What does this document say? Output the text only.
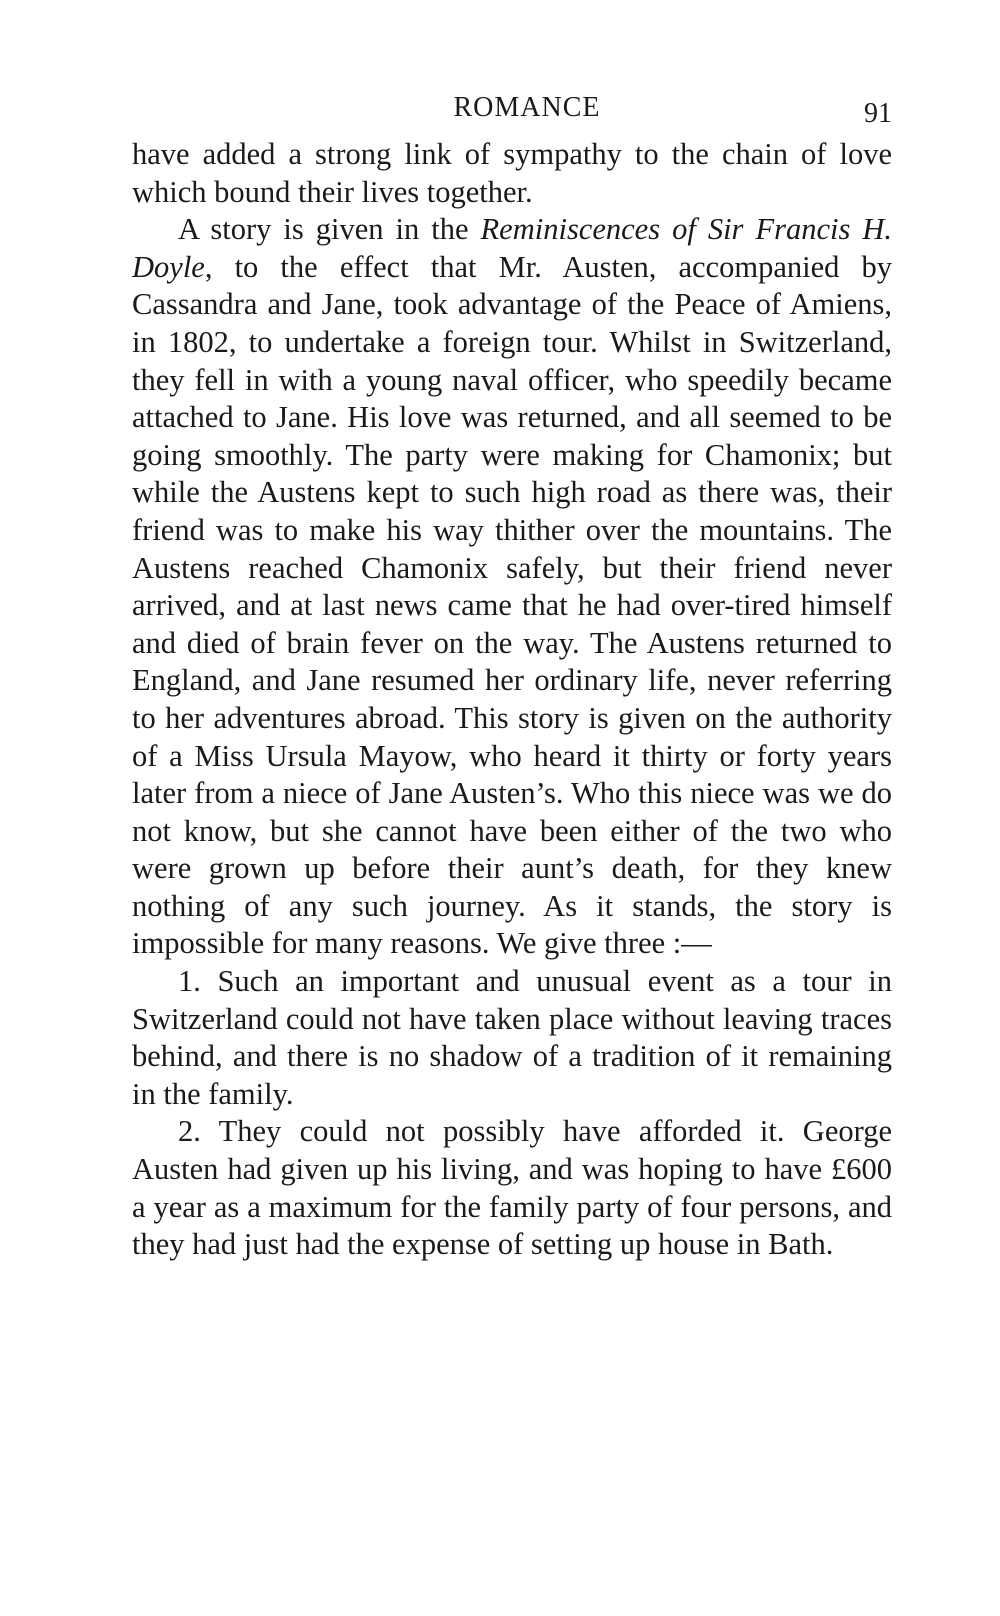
ROMANCE	91

have added a strong link of sympathy to the chain of love which bound their lives together.

A story is given in the Reminiscences of Sir Francis H. Doyle, to the effect that Mr. Austen, accompanied by Cassandra and Jane, took advantage of the Peace of Amiens, in 1802, to undertake a foreign tour. Whilst in Switzerland, they fell in with a young naval officer, who speedily became attached to Jane. His love was returned, and all seemed to be going smoothly. The party were making for Chamonix; but while the Austens kept to such high road as there was, their friend was to make his way thither over the mountains. The Austens reached Chamonix safely, but their friend never arrived, and at last news came that he had over-tired himself and died of brain fever on the way. The Austens returned to England, and Jane resumed her ordinary life, never referring to her adventures abroad. This story is given on the authority of a Miss Ursula Mayow, who heard it thirty or forty years later from a niece of Jane Austen’s. Who this niece was we do not know, but she cannot have been either of the two who were grown up before their aunt’s death, for they knew nothing of any such journey. As it stands, the story is impossible for many reasons. We give three :—

1. Such an important and unusual event as a tour in Switzerland could not have taken place without leaving traces behind, and there is no shadow of a tradition of it remaining in the family.

2. They could not possibly have afforded it. George Austen had given up his living, and was hoping to have £600 a year as a maximum for the family party of four persons, and they had just had the expense of setting up house in Bath.
